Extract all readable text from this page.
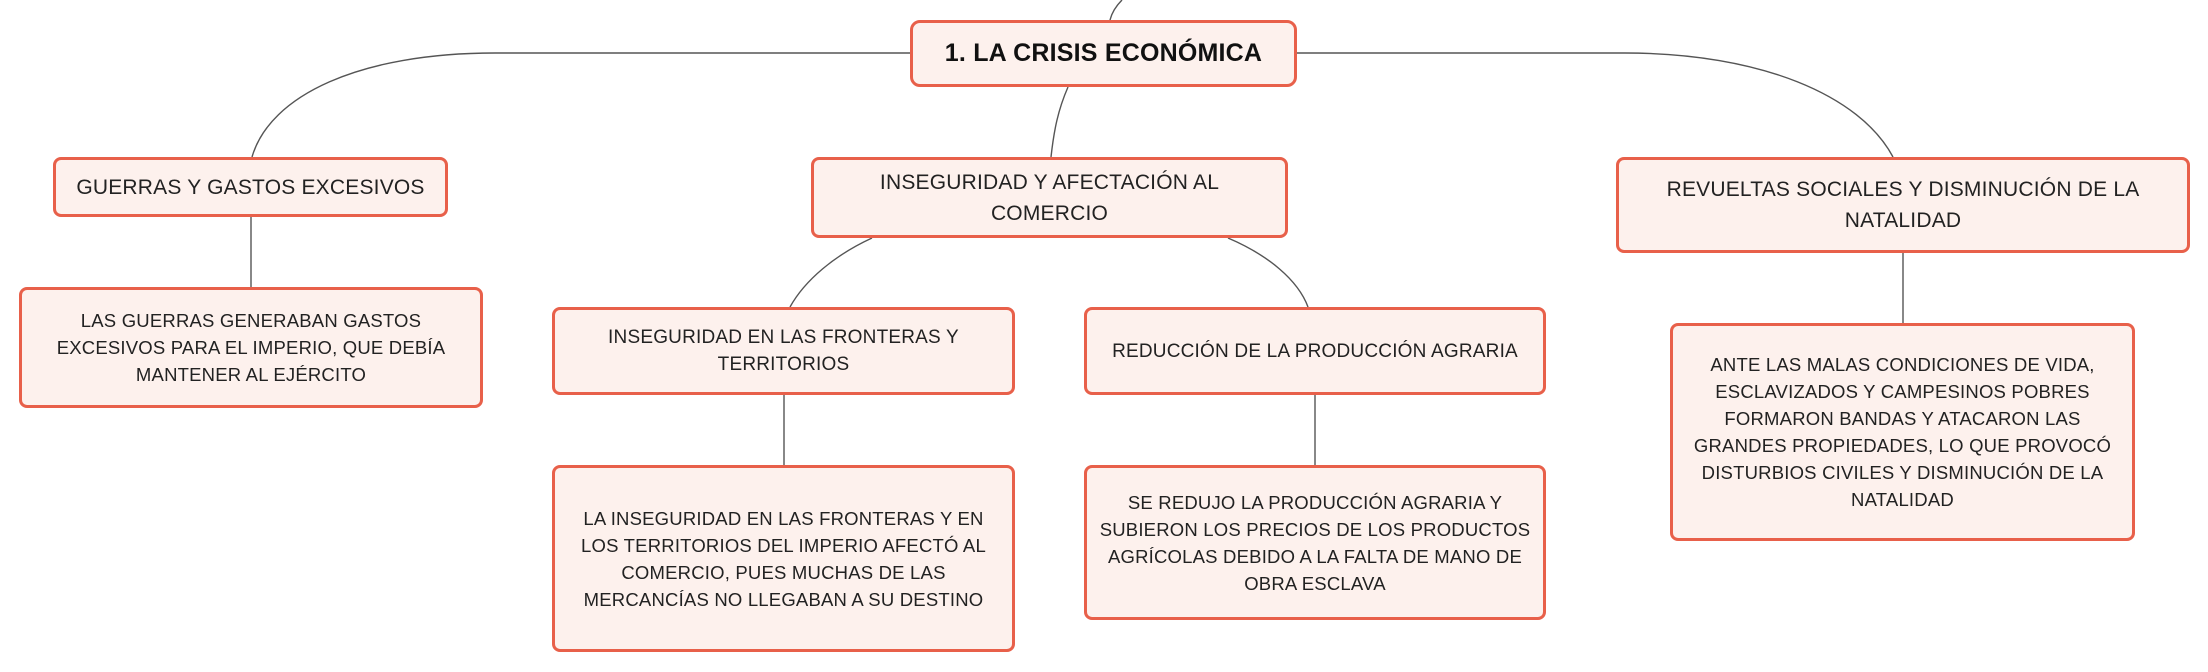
1. LA CRISIS ECONÓMICA
GUERRAS Y GASTOS EXCESIVOS
LAS GUERRAS GENERABAN GASTOS EXCESIVOS PARA EL IMPERIO, QUE DEBÍA MANTENER AL EJÉRCITO
INSEGURIDAD Y AFECTACIÓN AL COMERCIO
INSEGURIDAD EN LAS FRONTERAS Y TERRITORIOS
LA INSEGURIDAD EN LAS FRONTERAS Y EN LOS TERRITORIOS DEL IMPERIO AFECTÓ AL COMERCIO, PUES MUCHAS DE LAS MERCANCÍAS NO LLEGABAN A SU DESTINO
REDUCCIÓN DE LA PRODUCCIÓN AGRARIA
SE REDUJO LA PRODUCCIÓN AGRARIA Y SUBIERON LOS PRECIOS DE LOS PRODUCTOS AGRÍCOLAS DEBIDO A LA FALTA DE MANO DE OBRA ESCLAVA
REVUELTAS SOCIALES Y DISMINUCIÓN DE LA NATALIDAD
ANTE LAS MALAS CONDICIONES DE VIDA, ESCLAVIZADOS Y CAMPESINOS POBRES FORMARON BANDAS Y ATACARON LAS GRANDES PROPIEDADES, LO QUE PROVOCÓ DISTURBIOS CIVILES Y DISMINUCIÓN DE LA NATALIDAD
